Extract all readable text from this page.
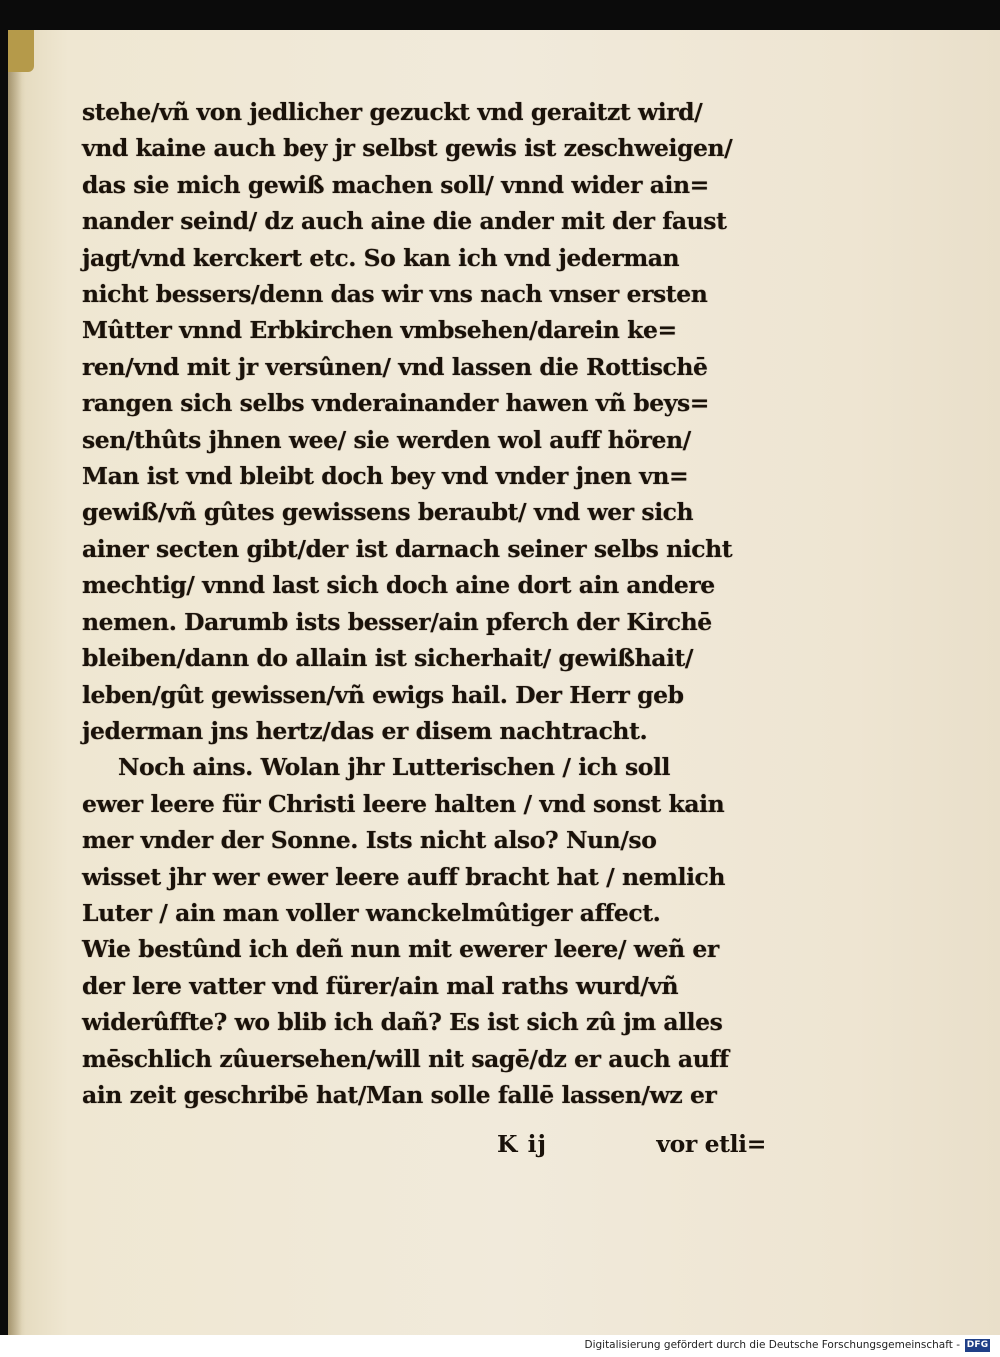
stehe/vñ von jedlicher gezuckt vnd geraitzt wird/
vnd kaine auch bey jr selbst gewis ist zeschweigen/
das sie mich gewiß machen soll/ vnnd wider ain=
nander seind/ dz auch aine die ander mit der faust
jagt/vnd kerckert etc. So kan ich vnd jederman
nicht bessers/denn das wir vns nach vnser ersten
Mûtter vnnd Erbkirchen vmbsehen/darein ke=
ren/vnd mit jr versûnen/ vnd lassen die Rottischē
rangen sich selbs vnderainander hawen vñ beys=
sen/thûts jhnen wee/ sie werden wol auff hören/
Man ist vnd bleibt doch bey vnd vnder jnen vn=
gewiß/vñ gûtes gewissens beraubt/ vnd wer sich
ainer secten gibt/der ist darnach seiner selbs nicht
mechtig/ vnnd last sich doch aine dort ain andere
nemen. Darumb ists besser/ain pferch der Kirchē
bleiben/dann do allain ist sicherhait/ gewißhait/
leben/gût gewissen/vñ ewigs hail. Der Herr geb
jederman jns hertz/das er disem nachtracht.
Noch ains. Wolan jhr Lutterischen / ich soll
ewer leere für Christi leere halten / vnd sonst kain
mer vnder der Sonne. Ists nicht also? Nun/so
wisset jhr wer ewer leere auff bracht hat / nemlich
Luter / ain man voller wanckelmûtiger affect.
Wie bestûnd ich deñ nun mit ewerer leere/ weñ er
der lere vatter vnd fürer/ain mal raths wurd/vñ
widerûffte? wo blib ich dañ? Es ist sich zû jm alles
mēschlich zûuersehen/will nit sagē/dz er auch auff
ain zeit geschribē hat/Man solle fallē lassen/wz er
K ij	vor etli=
Digitalisierung gefördert durch die Deutsche Forschungsgemeinschaft - DFG
